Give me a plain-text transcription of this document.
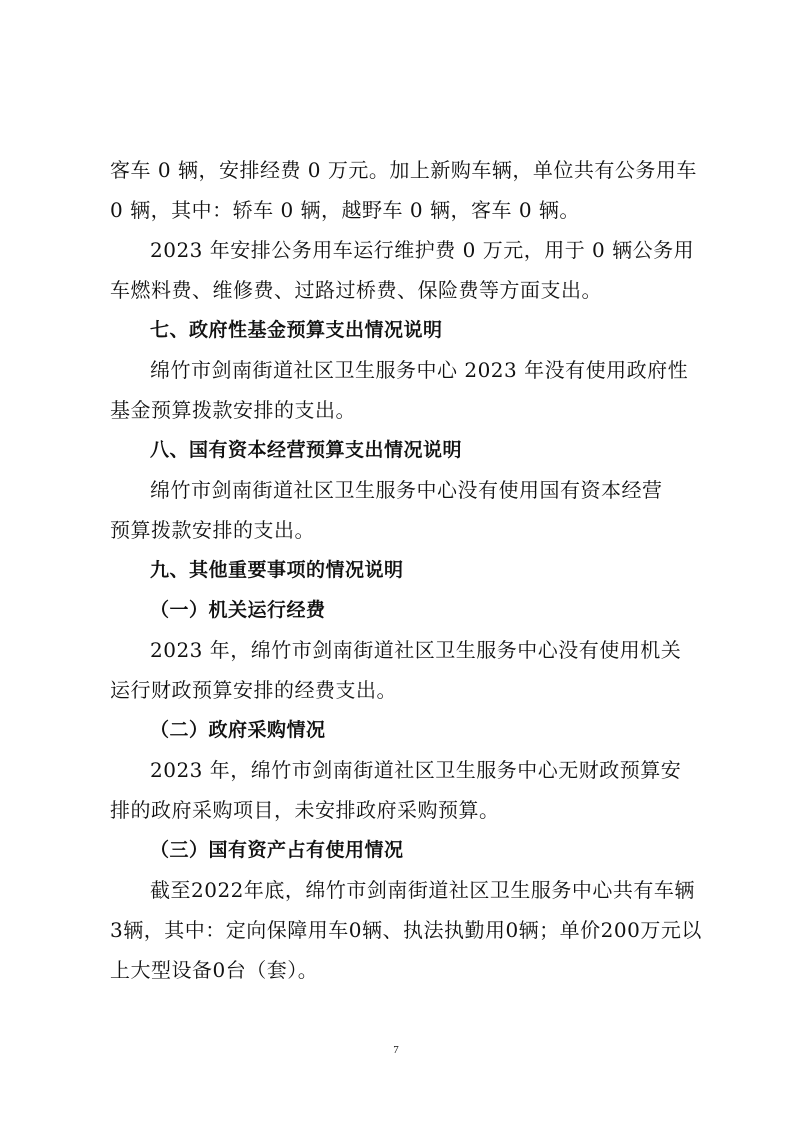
客车 0 辆，安排经费 0 万元。加上新购车辆，单位共有公务用车
0 辆，其中：轿车 0 辆，越野车 0 辆，客车 0 辆。
2023 年安排公务用车运行维护费 0 万元，用于 0 辆公务用
车燃料费、维修费、过路过桥费、保险费等方面支出。
七、政府性基金预算支出情况说明
绵竹市剑南街道社区卫生服务中心 2023 年没有使用政府性
基金预算拨款安排的支出。
八、国有资本经营预算支出情况说明
绵竹市剑南街道社区卫生服务中心没有使用国有资本经营
预算拨款安排的支出。
九、其他重要事项的情况说明
（一）机关运行经费
2023 年，绵竹市剑南街道社区卫生服务中心没有使用机关
运行财政预算安排的经费支出。
（二）政府采购情况
2023 年，绵竹市剑南街道社区卫生服务中心无财政预算安
排的政府采购项目，未安排政府采购预算。
（三）国有资产占有使用情况
截至2022年底，绵竹市剑南街道社区卫生服务中心共有车辆
3辆，其中：定向保障用车0辆、执法执勤用0辆；单价200万元以
上大型设备0台（套）。
7
